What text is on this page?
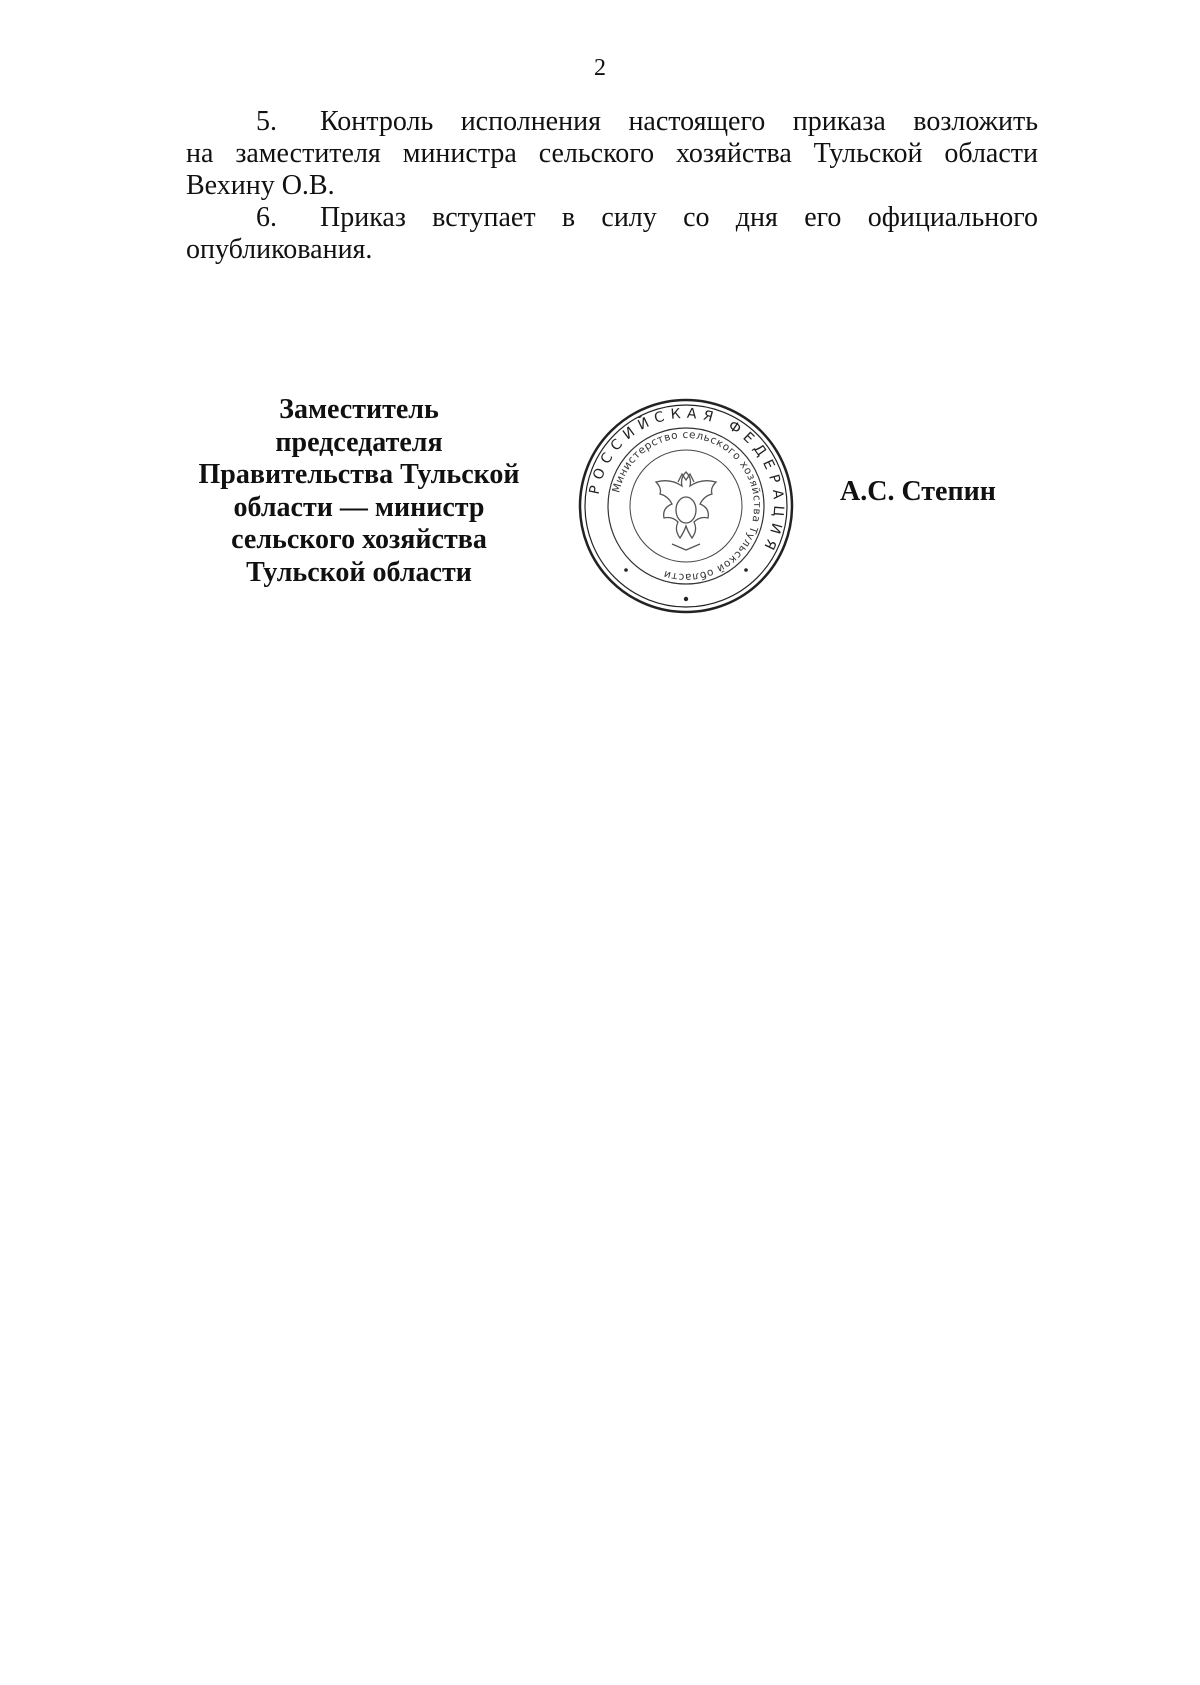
2

5. Контроль исполнения настоящего приказа возложить
на заместителя министра сельского хозяйства Тульской области
Вехину О.В.

6. Приказ вступает в силу со дня его официального
опубликования.

Заместитель
председателя
Правительства Тульской
области — министр
сельского хозяйства
Тульской области
РОССИЙСКАЯ ФЕДЕРАЦИЯ
Министерство сельского хозяйства Тульской области
А.С. Степин
